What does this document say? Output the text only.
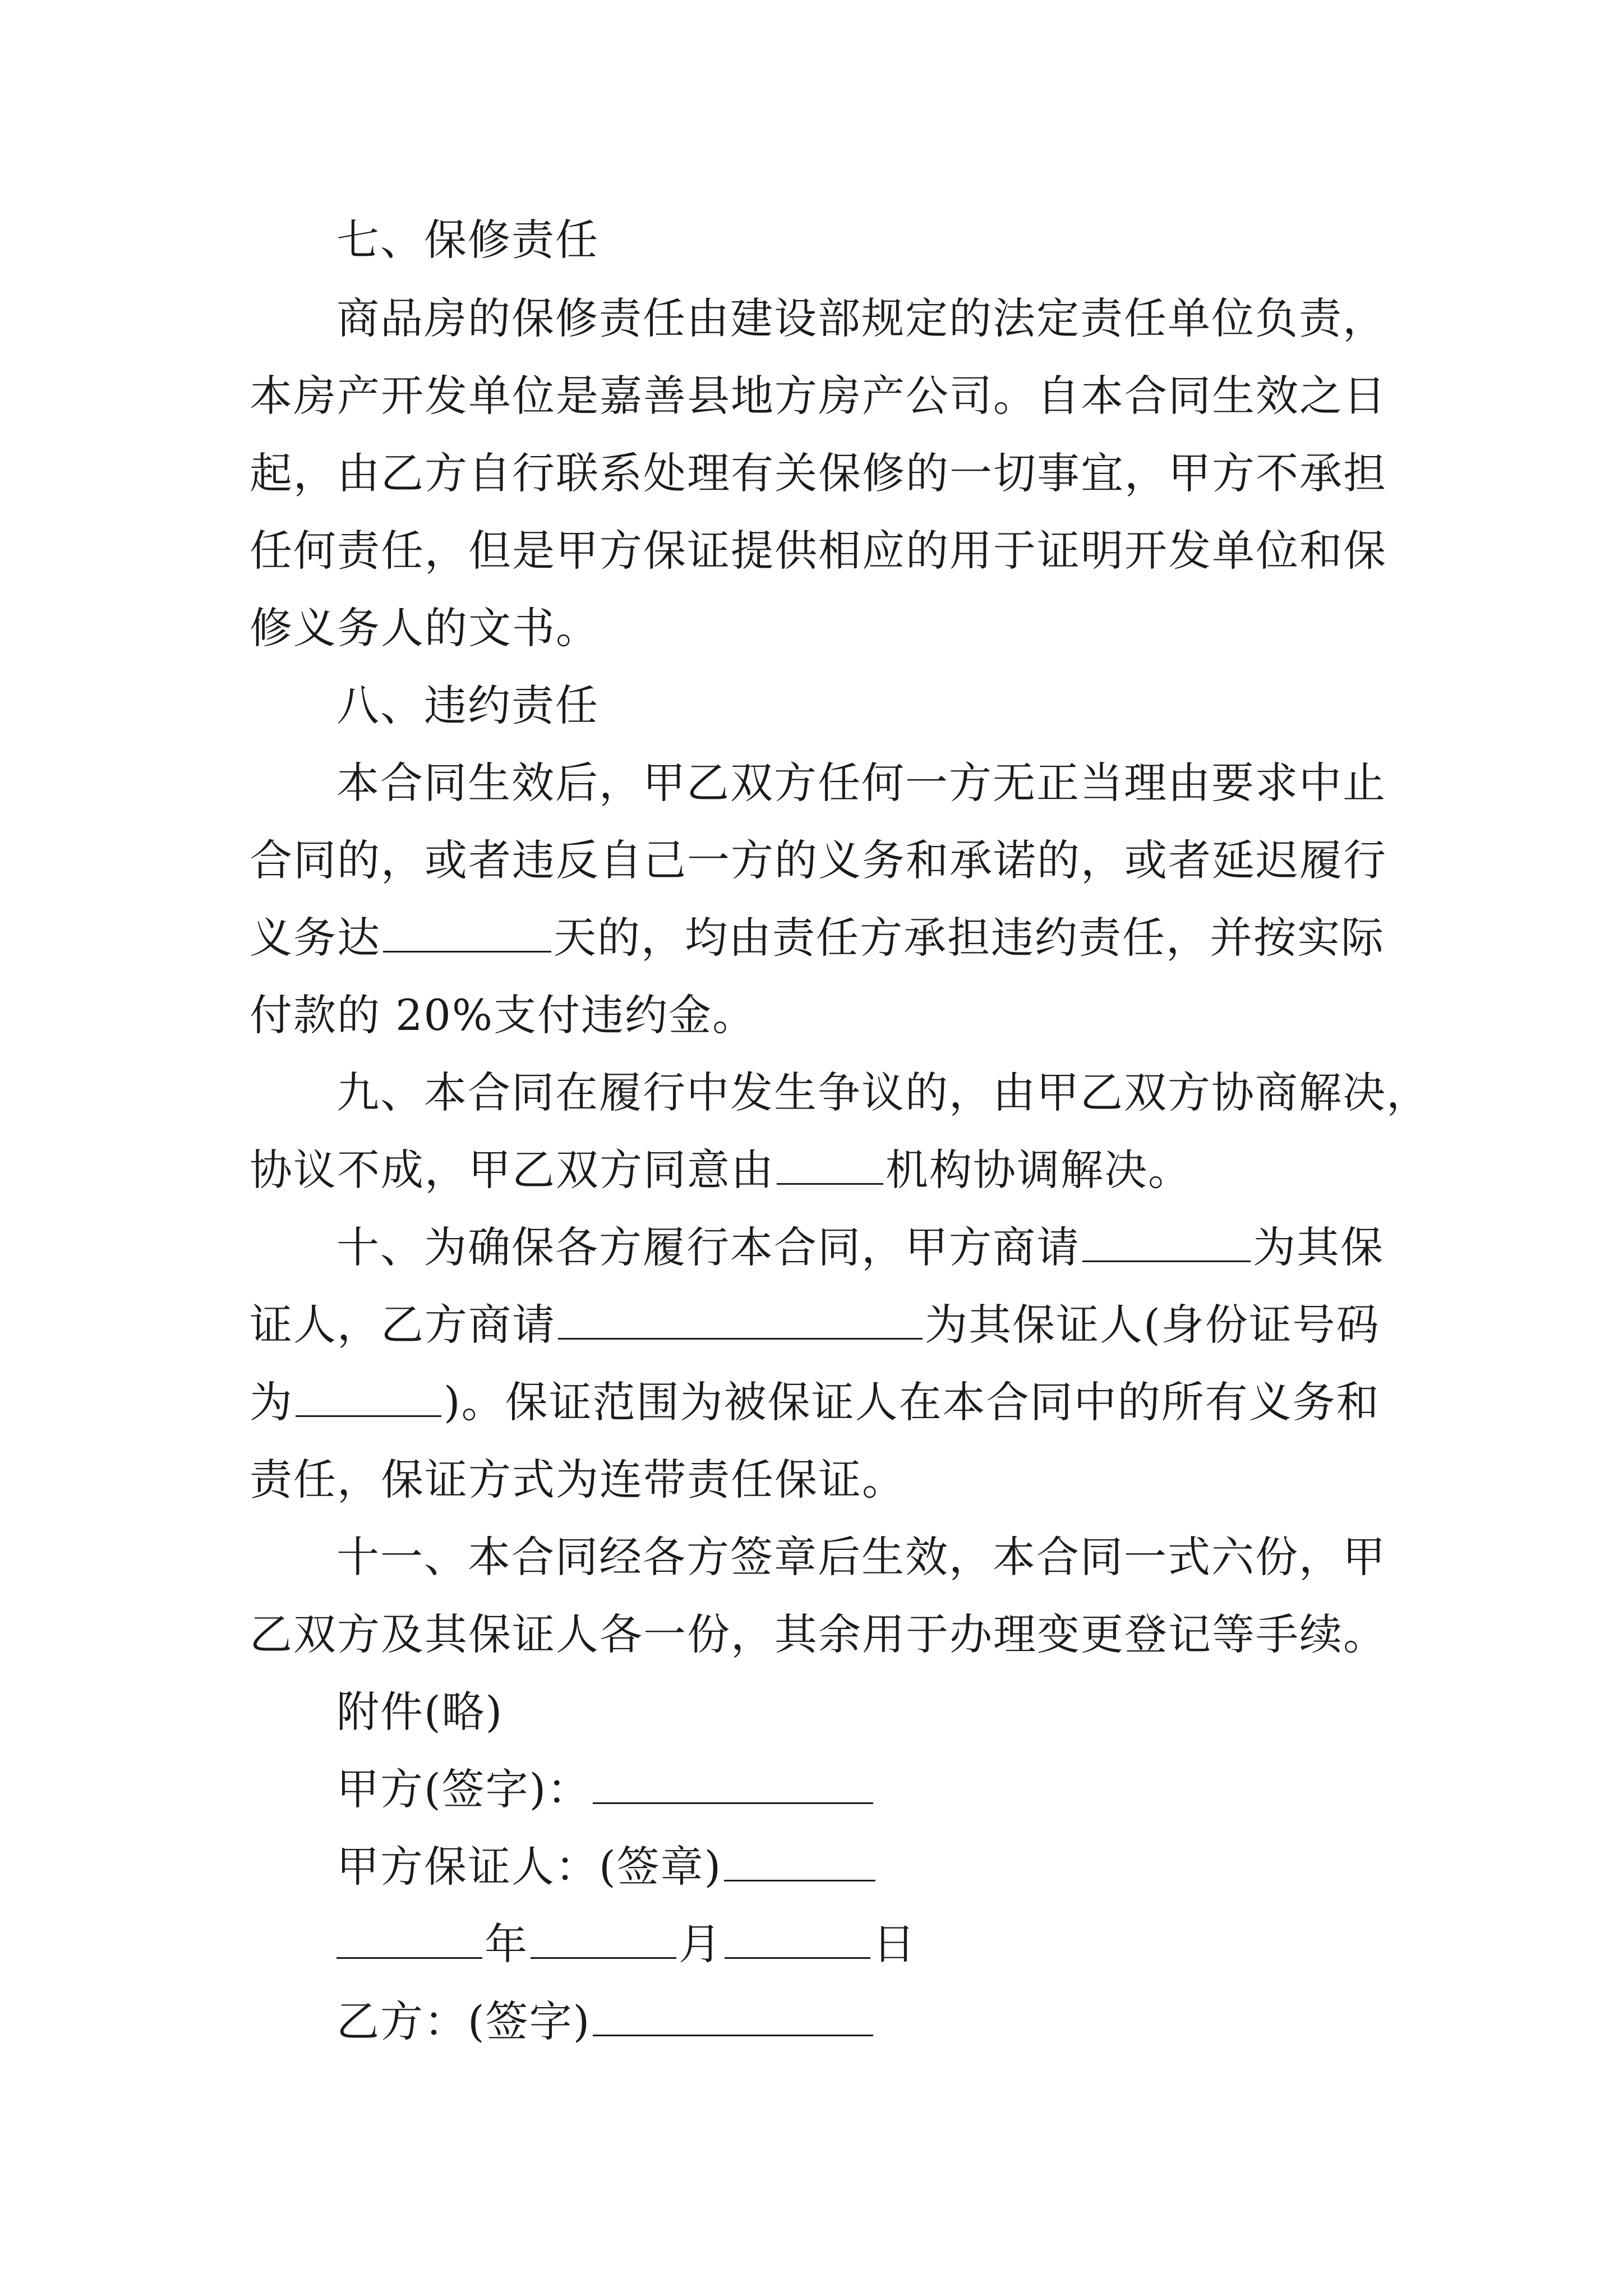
七、保修责任
商品房的保修责任由建设部规定的法定责任单位负责，
本房产开发单位是嘉善县地方房产公司。自本合同生效之日
起，由乙方自行联系处理有关保修的一切事宜，甲方不承担
任何责任，但是甲方保证提供相应的用于证明开发单位和保
修义务人的文书。
八、违约责任
本合同生效后，甲乙双方任何一方无正当理由要求中止
合同的，或者违反自己一方的义务和承诺的，或者延迟履行
义务达	天的，均由责任方承担违约责任，并按实际
付款的 20%支付违约金。
九、本合同在履行中发生争议的，由甲乙双方协商解决，
协议不成，甲乙双方同意由	机构协调解决。
十、为确保各方履行本合同，甲方商请	为其保
证人，乙方商请	为其保证人(身份证号码
为	)。保证范围为被保证人在本合同中的所有义务和
责任，保证方式为连带责任保证。
十一、本合同经各方签章后生效，本合同一式六份，甲
乙双方及其保证人各一份，其余用于办理变更登记等手续。
附件(略)
甲方(签字)：
甲方保证人：(签章)
年	月	日
乙方：(签字)
